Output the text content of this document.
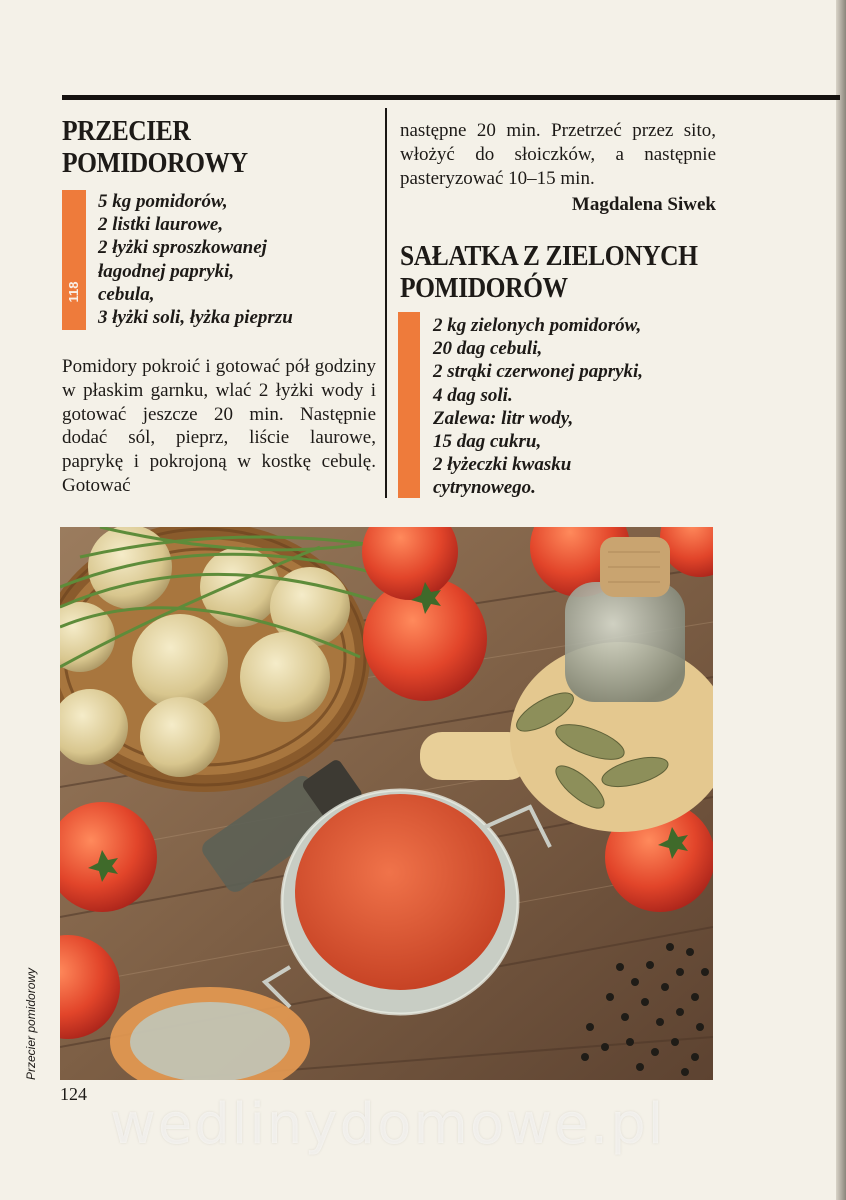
PRZECIER
POMIDOROWY
118
5 kg pomidorów,
2 listki laurowe,
2 łyżki sproszkowanej
łagodnej papryki,
cebula,
3 łyżki soli, łyżka pieprzu

Pomidory pokroić i gotować pół godziny w płaskim garnku, wlać 2 łyżki wody i gotować jeszcze 20 min. Następnie dodać sól, pieprz, liście laurowe, paprykę i pokrojoną w kostkę cebulę. Gotować

następne 20 min. Przetrzeć przez sito, włożyć do słoiczków, a następnie pasteryzować 10–15 min.

Magdalena Siwek
SAŁATKA Z ZIELONYCH
POMIDORÓW
2 kg zielonych pomidorów,
20 dag cebuli,
2 strąki czerwonej papryki,
4 dag soli.
Zalewa: litr wody,
15 dag cukru,
2 łyżeczki kwasku
cytrynowego.
Przecier pomidorowy
124 wedlinydomowe.pl
